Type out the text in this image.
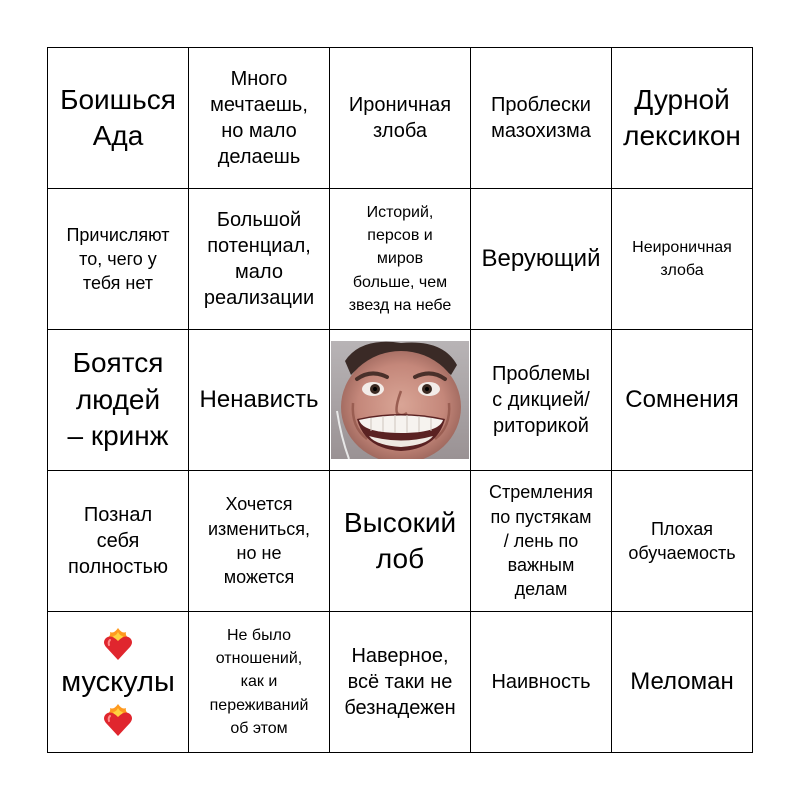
Боишься
Ада
Много
мечтаешь,
но мало
делаешь
Ироничная
злоба
Проблески
мазохизма
Дурной
лексикон
Причисляют
то, чего у
тебя нет
Большой
потенциал,
мало
реализации
Историй,
персов и
миров
больше, чем
звезд на небе
Верующий	Неироничная
злоба
Боятся
людей
– кринж
Ненависть
Проблемы
с дикцией/
риторикой
Сомнения
Познал
себя
полностью
Хочется
измениться,
но не
можется
Высокий
лоб
Стремления
по пустякам
/ лень по
важным
делам
Плохая
обучаемость
мускулы
Не было
отношений,
как и
переживаний
об этом
Наверное,
всё таки не
безнадежен
Наивность	Меломан
